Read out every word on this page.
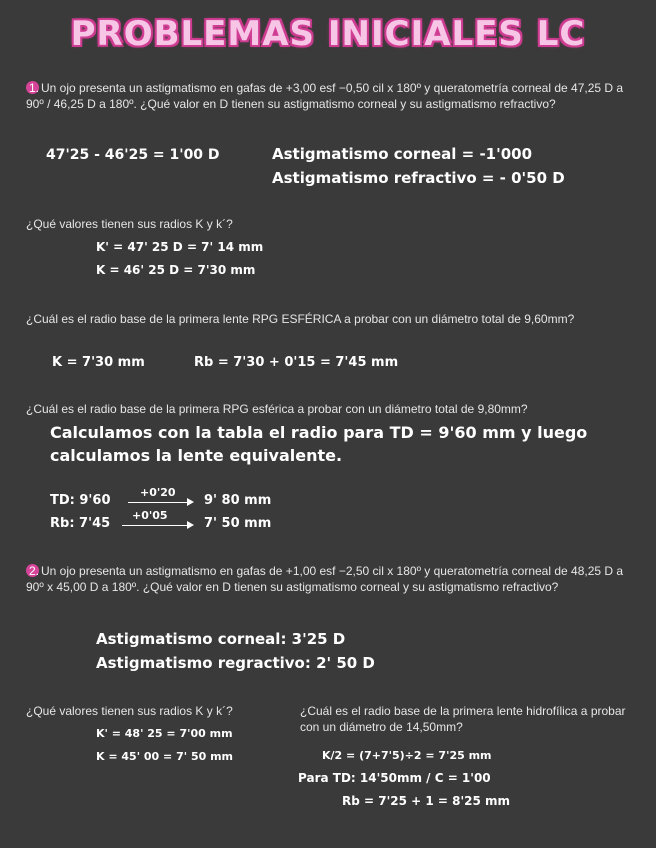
PROBLEMAS INICIALES LC
1. Un ojo presenta un astigmatismo en gafas de +3,00 esf −0,50 cil x 180º y queratometría corneal de 47,25 D a 90º / 46,25 D a 180º. ¿Qué valor en D tienen su astigmatismo corneal y su astigmatismo refractivo?
47'25 - 46'25 = 1'00 D	Astigmatismo corneal = -1'000
Astigmatismo refractivo = - 0'50 D
¿Qué valores tienen sus radios K y k´?
K' = 47' 25 D = 7' 14 mm
K = 46' 25 D = 7'30 mm
¿Cuál es el radio base de la primera lente RPG ESFÉRICA a probar con un diámetro total de 9,60mm?
K = 7'30 mm	Rb = 7'30 + 0'15 = 7'45 mm
¿Cuál es el radio base de la primera RPG esférica a probar con un diámetro total de 9,80mm?
Calculamos con la tabla el radio para TD = 9'60 mm y luego
calculamos la lente equivalente.
TD: 9'60
+0'20
9' 80 mm
Rb: 7'45
+0'05
7' 50 mm
2. Un ojo presenta un astigmatismo en gafas de +1,00 esf −2,50 cil x 180º y queratometría corneal de 48,25 D a 90º x 45,00 D a 180º. ¿Qué valor en D tienen su astigmatismo corneal y su astigmatismo refractivo?
Astigmatismo corneal: 3'25 D
Astigmatismo regractivo: 2' 50 D
¿Qué valores tienen sus radios K y k´?
K' = 48' 25 = 7'00 mm
K = 45' 00 = 7' 50 mm
¿Cuál es el radio base de la primera lente hidrofílica a probar con un diámetro de 14,50mm?
K/2 = (7+7'5)÷2 = 7'25 mm
Para TD: 14'50mm / C = 1'00
Rb = 7'25 + 1 = 8'25 mm
